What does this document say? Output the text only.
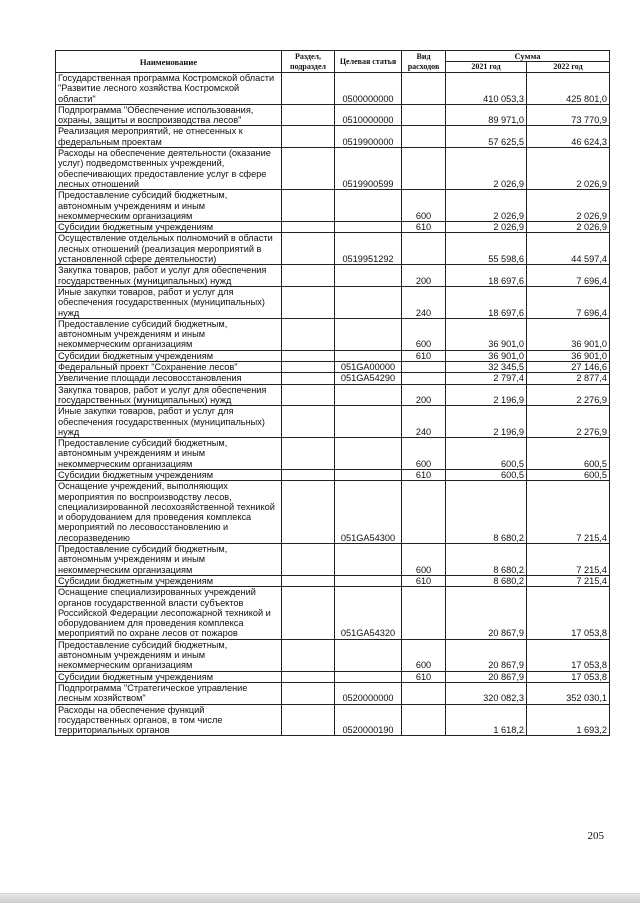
Наименование	Раздел, подраздел	Целевая статья	Вид расходов	Сумма	
				2021 год	2022 год
Государственная программа Костромской области "Развитие лесного хозяйства Костромской области"		0500000000		410 053,3	425 801,0
Подпрограмма "Обеспечение использования, охраны, защиты и воспроизводства лесов"		0510000000		89 971,0	73 770,9
Реализация мероприятий, не отнесенных к федеральным проектам		0519900000		57 625,5	46 624,3
Расходы на обеспечение деятельности (оказание услуг) подведомственных учреждений, обеспечивающих предоставление услуг в сфере лесных отношений		0519900599		2 026,9	2 026,9
Предоставление субсидий бюджетным, автономным учреждениям и иным некоммерческим организациям			600	2 026,9	2 026,9
Субсидии бюджетным учреждениям			610	2 026,9	2 026,9
Осуществление отдельных полномочий в области лесных отношений (реализация мероприятий в установленной сфере деятельности)		0519951292		55 598,6	44 597,4
Закупка товаров, работ и услуг для обеспечения государственных (муниципальных) нужд			200	18 697,6	7 696,4
Иные закупки товаров, работ и услуг для обеспечения государственных (муниципальных) нужд			240	18 697,6	7 696,4
Предоставление субсидий бюджетным, автономным учреждениям и иным некоммерческим организациям			600	36 901,0	36 901,0
Субсидии бюджетным учреждениям			610	36 901,0	36 901,0
Федеральный проект "Сохранение лесов"		051GA00000		32 345,5	27 146,6
Увеличение площади лесовосстановления		051GA54290		2 797,4	2 877,4
Закупка товаров, работ и услуг для обеспечения государственных (муниципальных) нужд			200	2 196,9	2 276,9
Иные закупки товаров, работ и услуг для обеспечения государственных (муниципальных) нужд			240	2 196,9	2 276,9
Предоставление субсидий бюджетным, автономным учреждениям и иным некоммерческим организациям			600	600,5	600,5
Субсидии бюджетным учреждениям			610	600,5	600,5
Оснащение учреждений, выполняющих мероприятия по воспроизводству лесов, специализированной лесохозяйственной техникой и оборудованием для проведения комплекса мероприятий по лесовосстановлению и лесоразведению		051GA54300		8 680,2	7 215,4
Предоставление субсидий бюджетным, автономным учреждениям и иным некоммерческим организациям			600	8 680,2	7 215,4
Субсидии бюджетным учреждениям			610	8 680,2	7 215,4
Оснащение специализированных учреждений органов государственной власти субъектов Российской Федерации лесопожарной техникой и оборудованием для проведения комплекса мероприятий по охране лесов от пожаров		051GA54320		20 867,9	17 053,8
Предоставление субсидий бюджетным, автономным учреждениям и иным некоммерческим организациям			600	20 867,9	17 053,8
Субсидии бюджетным учреждениям			610	20 867,9	17 053,8
Подпрограмма "Стратегическое управление лесным хозяйством"		0520000000		320 082,3	352 030,1
Расходы на обеспечение функций государственных органов, в том числе территориальных органов		0520000190		1 618,2	1 693,2
205
